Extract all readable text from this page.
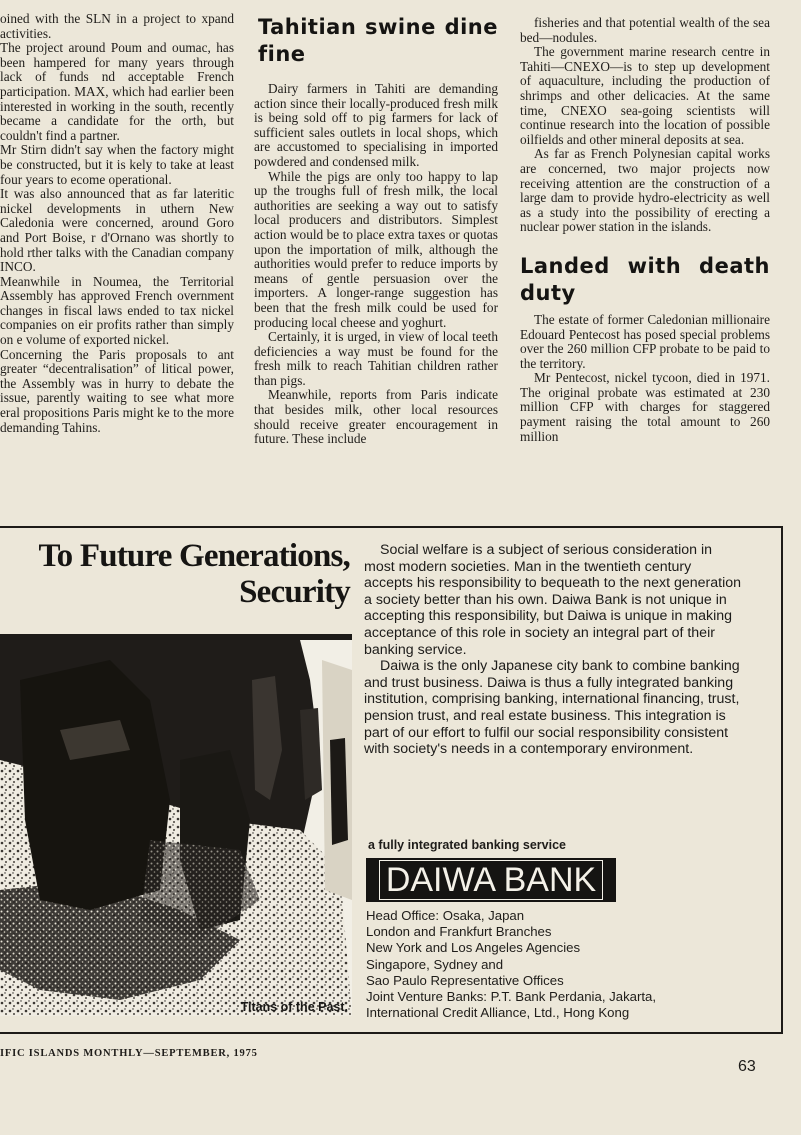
oined with the SLN in a project to xpand activities.

The project around Poum and oumac, has been hampered for many years through lack of funds nd acceptable French participation. MAX, which had earlier been interested in working in the south, recently became a candidate for the orth, but couldn't find a partner.

Mr Stirn didn't say when the factory might be constructed, but it is kely to take at least four years to ecome operational.

It was also announced that as far lateritic nickel developments in uthern New Caledonia were concerned, around Goro and Port Boise, r d'Ornano was shortly to hold rther talks with the Canadian company INCO.

Meanwhile in Noumea, the Territorial Assembly has approved French overnment changes in fiscal laws ended to tax nickel companies on eir profits rather than simply on e volume of exported nickel.

Concerning the Paris proposals to ant greater “decentralisation” of litical power, the Assembly was in hurry to debate the issue, parently waiting to see what more eral propositions Paris might ke to the more demanding Tahins.

Tahitian swine dine fine

Dairy farmers in Tahiti are demanding action since their locally-produced fresh milk is being sold off to pig farmers for lack of sufficient sales outlets in local shops, which are accustomed to specialising in imported powdered and condensed milk.

While the pigs are only too happy to lap up the troughs full of fresh milk, the local authorities are seeking a way out to satisfy local producers and distributors. Simplest action would be to place extra taxes or quotas upon the importation of milk, although the authorities would prefer to reduce imports by means of gentle persuasion over the importers. A longer-range suggestion has been that the fresh milk could be used for producing local cheese and yoghurt.

Certainly, it is urged, in view of local teeth deficiencies a way must be found for the fresh milk to reach Tahitian children rather than pigs.

Meanwhile, reports from Paris indicate that besides milk, other local resources should receive greater encouragement in future. These include

fisheries and that potential wealth of the sea bed—nodules.

The government marine research centre in Tahiti—CNEXO—is to step up development of aquaculture, including the production of shrimps and other delicacies. At the same time, CNEXO sea-going scientists will continue research into the location of possible oilfields and other mineral deposits at sea.

As far as French Polynesian capital works are concerned, two major projects now receiving attention are the construction of a large dam to provide hydro-electricity as well as a study into the possibility of erecting a nuclear power station in the islands.

Landed with death duty

The estate of former Caledonian millionaire Edouard Pentecost has posed special problems over the 260 million CFP probate to be paid to the territory.

Mr Pentecost, nickel tycoon, died in 1971. The original probate was estimated at 230 million CFP with charges for staggered payment raising the total amount to 260 million

To Future Generations,
Security
Titans of the Past.

Social welfare is a subject of serious consideration in most modern societies. Man in the twentieth century accepts his responsibility to bequeath to the next generation a society better than his own. Daiwa Bank is not unique in accepting this responsibility, but Daiwa is unique in making acceptance of this role in society an integral part of their banking service.

Daiwa is the only Japanese city bank to combine banking and trust business. Daiwa is thus a fully integrated banking institution, comprising banking, international financing, trust, pension trust, and real estate business. This integration is part of our effort to fulfil our social responsibility consistent with society's needs in a contemporary environment.

a fully integrated banking service
DAIWA BANK
Head Office: Osaka, Japan
London and Frankfurt Branches
New York and Los Angeles Agencies
Singapore, Sydney and
Sao Paulo Representative Offices
Joint Venture Banks: P.T. Bank Perdania, Jakarta,
International Credit Alliance, Ltd., Hong Kong
IFIC ISLANDS MONTHLY—SEPTEMBER, 1975
63
